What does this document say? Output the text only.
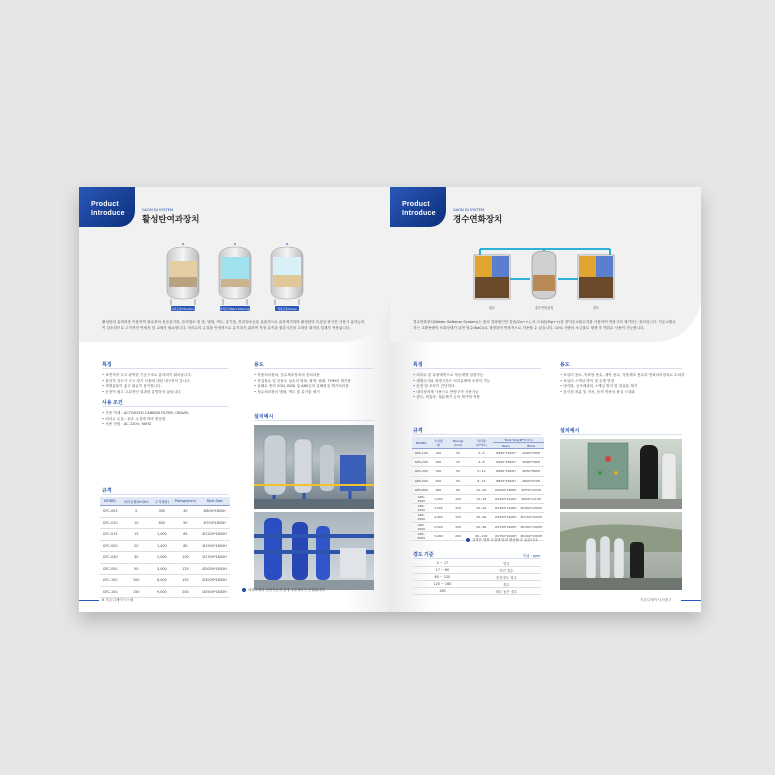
Product
Introduce	GAON DJ SYSTEM
활성탄여과장치
여과공정(Filtration)	역세공정(Back Washing)	세정공정(Rinse)
활성탄의 흡착력을 이용하여 원수중의 용존유기물, 유리염소 및 맛, 냄새, 색도, 유기물, 잔류염소등을 효율적으로 흡착제거하며 활성탄의 특성상 장시간 사용시 흡착능력이 감소하므로 주기적인 역세척 및 교체가 필요합니다. 처리수의 수질을 안정적으로 유지하기 위하여 적정 유속과 접촉시간을 고려한 최적의 설계가 적용됩니다.
특징
• 표면적이 크고 완벽한 기공구조로 흡착력이 뛰어납니다.
• 물리적 강도가 크고 장기 사용에 대한 내구력이 큽니다.
• 재생효율이 좋고 취급이 용이합니다.
• 운전이 쉽고 고위적인 결과를 유발하지 않습니다.
용도
• 약품처리장치, 순수제조장치의 전처리용
• 산업용수 및 음용수 상수의 염화, 탈색, 탈취, THM의 제거용
• 유해수 중의 COD, BOD 및 ABS등의 유해물질 제거처리용
• 정수처리장의 냄새, 색도 및 유기물 제거
사용 조건
• 사용 여재 : ACTIVATED CARBON FILTER, GRAVEL
• 처리수 수질 : 원수 수질에 따라 변동함
• 사용 전원 : AC 220V, 60HZ
설치예시
규격
MODEL	처리유량(m³/hr)	수지량(ℓ)	Pipings(mm)	Tank Size
GFC-005	5	300	40	Ø600*1800H
GFC-010	10	600	50	Ø700*1800H
GFC-015	15	1,000	65	Ø1200*1800H
GFC-020	20	1,400	80	Ø1500*1800H
GFC-030	30	2,000	100	Ø1700*1800H
GFC-050	50	3,000	125	Ø2000*1800H
GFC-100	100	6,000	150	Ø3000*1800H
GFC-150	150	9,000	200	Ø3500*1800H	처리수량과 현장여건에 맞게 주문제작이 진행됩니다.
6 가온디제이시스템
Product
Introduce	GAON DJ SYSTEM
경수연화장치
원수	경수연화공정	경수
경수연화장치(Water Softener System)는 물의 경화원인인 칼슘(Ca++), 마그네슘(Mg++)을 양이온교환수지를 사용하여 연화시켜 제거하는 장치입니다. 이온교환수지는 교환용량이 포화상태가 되면 염수(NaCl)로 재생하여 반복적으로 사용할 수 있습니다. 10% 가량의 소금물로 재생 후 연화수 사용이 가능합니다.
특징
• 처리수 및 유량계측으로 자동재생 설정가능
• 재생주기와 재생시간은 처리유량에 조정이 가능
• 운전 및 조작이 간단하다.
• 내식성자재 사용으로 반영구적 사용가능
• 경도, 비흡착, 철분제거 등의 제거에 적합
용도
• 보일러 용수, 목욕탕 용수, 세탁 용수, 식품제조 용수의 연화처리장치로 수처리
• 보일러 스케일 방지 및 수명 연장
• 냉각탑, 공조배관의 스케일 방지 및 열효율 제거
• 음식점 처분 및 전처, 음직 작용의 품질 극대화
규격
MODEL	수지량(ℓ)	Pipings (mm)	처리량 (m³/hr)	Tank Size(Ø*H cm)	
				Resin	Brine
GPS-100	100	25	2~5	Ø450*1500H	Ø400*780H
GPS-200	200	32	4~8	Ø520*1800H	Ø400*780H
GPS-300	300	50	5~10	Ø580*1800H	Ø550*880H
GPS-500	500	65	8~15	Ø870*1800H	Ø600*970H
GPS-800	800	80	10~20	Ø1000*1800H	Ø750*1100H
GPS-1000	1,000	100	15~25	Ø1200*2100H	Ø940*1110H
GPS-1500	1,500	100	20~40	Ø1400*2100H	Ø1000*1200H
GPS-2000	2,000	125	30~60	Ø1550*2400H	Ø1150*1250H
GPS-2500	2,500	150	40~80	Ø1750*2400H	Ø1200*1300H
GPS-3000	3,000	200	60~100	Ø1750*2400H	Ø1300*1300H
규격은 현장 수질에 따라 변동될 수 있습니다.
경도 기준	단위 : ppm
0 ~ 17	연수
17 ~ 60	약간 경수
60 ~ 120	중간정도 경수
120 ~ 180	경수
180	매우 높은 경수
설치예시
가온디제이시스템 7
